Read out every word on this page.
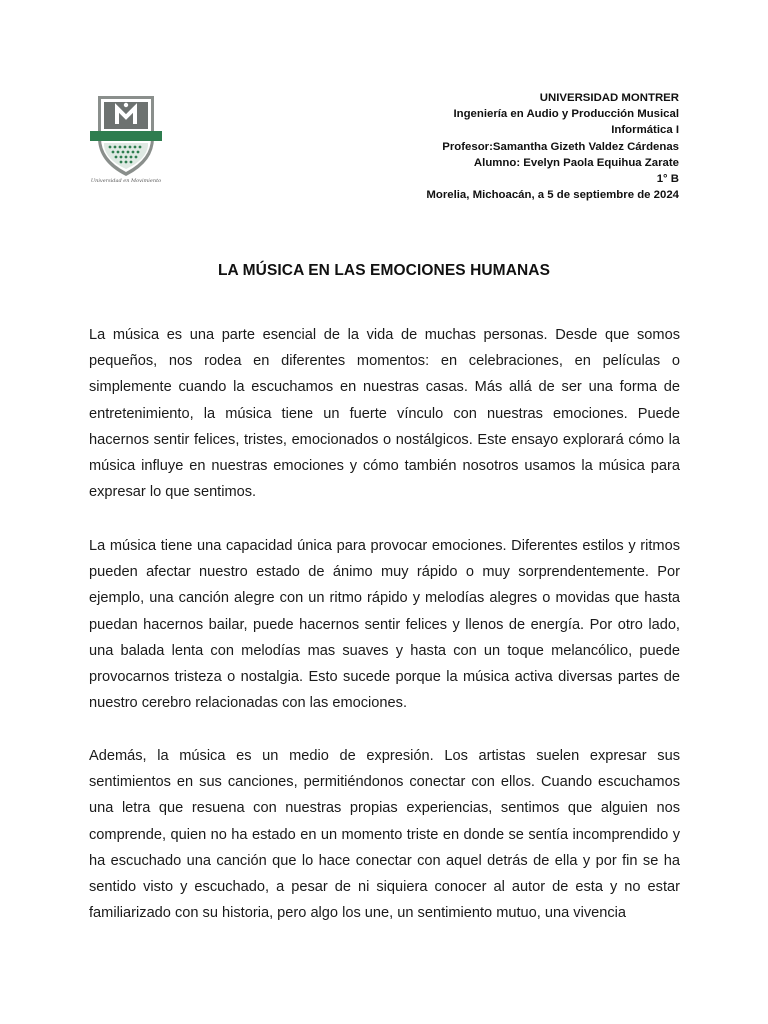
Universidad en Movimiento
UNIVERSIDAD MONTRER
Ingeniería en Audio y Producción Musical
Informática I
Profesor:Samantha Gizeth Valdez Cárdenas
Alumno: Evelyn Paola Equihua Zarate
1° B
Morelia, Michoacán, a 5 de septiembre de 2024
LA MÚSICA EN LAS EMOCIONES HUMANAS

La música es una parte esencial de la vida de muchas personas. Desde que somos pequeños, nos rodea en diferentes momentos: en celebraciones, en películas o simplemente cuando la escuchamos en nuestras casas. Más allá de ser una forma de entretenimiento, la música tiene un fuerte vínculo con nuestras emociones. Puede hacernos sentir felices, tristes, emocionados o nostálgicos. Este ensayo explorará cómo la música influye en nuestras emociones y cómo también nosotros usamos la música para expresar lo que sentimos.

La música tiene una capacidad única para provocar emociones. Diferentes estilos y ritmos pueden afectar nuestro estado de ánimo muy rápido o muy sorprendentemente. Por ejemplo, una canción alegre con un ritmo rápido y melodías alegres o movidas que hasta puedan hacernos bailar, puede hacernos sentir felices y llenos de energía. Por otro lado, una balada lenta con melodías mas suaves y hasta con un toque melancólico, puede provocarnos tristeza o nostalgia. Esto sucede porque la música activa diversas partes de nuestro cerebro relacionadas con las emociones.

Además, la música es un medio de expresión. Los artistas suelen expresar sus sentimientos en sus canciones, permitiéndonos conectar con ellos. Cuando escuchamos una letra que resuena con nuestras propias experiencias, sentimos que alguien nos comprende, quien no ha estado en un momento triste en donde se sentía incomprendido y ha escuchado una canción que lo hace conectar con aquel detrás de ella y por fin se ha sentido visto y escuchado, a pesar de ni siquiera conocer al autor de esta y no estar familiarizado con su historia, pero algo los une, un sentimiento mutuo, una vivencia
